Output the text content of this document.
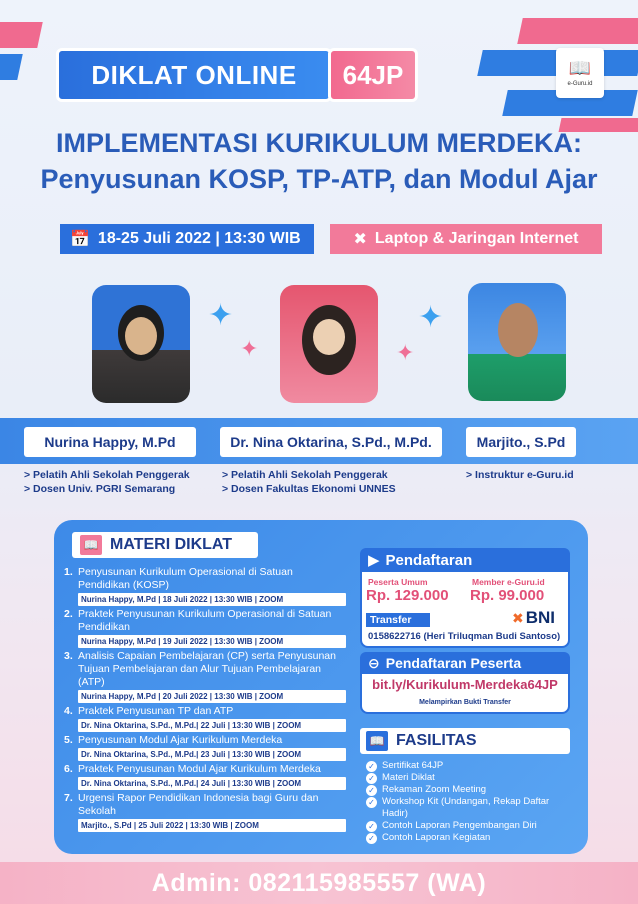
DIKLAT ONLINE	64JP	📖
e-Guru.id
IMPLEMENTASI KURIKULUM MERDEKA:
Penyusunan KOSP, TP-ATP, dan Modul Ajar
📅 18-25 Juli 2022 | 13:30 WIB	✖ Laptop & Jaringan Internet
✦
✦
✦
✦
Nurina Happy, M.Pd	Dr. Nina Oktarina, S.Pd., M.Pd.	Marjito., S.Pd
> Pelatih Ahli Sekolah Penggerak
> Dosen Univ. PGRI Semarang
> Pelatih Ahli Sekolah Penggerak
> Dosen Fakultas Ekonomi UNNES
> Instruktur e-Guru.id
📖 MATERI DIKLAT
1. Penyusunan Kurikulum Operasional di Satuan Pendidikan (KOSP)
Nurina Happy, M.Pd | 18 Juli 2022 | 13:30 WIB | ZOOM
2. Praktek Penyusunan Kurikulum Operasional di Satuan Pendidikan
Nurina Happy, M.Pd | 19 Juli 2022 | 13:30 WIB | ZOOM
3. Analisis Capaian Pembelajaran (CP) serta Penyusunan Tujuan Pembelajaran dan Alur Tujuan Pembelajaran (ATP)
Nurina Happy, M.Pd | 20 Juli 2022 | 13:30 WIB | ZOOM
4. Praktek Penyusunan TP dan ATP
Dr. Nina Oktarina, S.Pd., M.Pd.| 22 Juli | 13:30 WIB | ZOOM
5. Penyusunan Modul Ajar Kurikulum Merdeka
Dr. Nina Oktarina, S.Pd., M.Pd.| 23 Juli | 13:30 WIB | ZOOM
6. Praktek Penyusunan Modul Ajar Kurikulum Merdeka
Dr. Nina Oktarina, S.Pd., M.Pd.| 24 Juli | 13:30 WIB | ZOOM
7. Urgensi Rapor Pendidikan Indonesia bagi Guru dan Sekolah
Marjito., S.Pd | 25 Juli 2022 | 13:30 WIB | ZOOM
▶ Pendaftaran
Peserta Umum
Rp. 129.000
Member e-Guru.id
Rp. 99.000
Transfer	✖ BNI
0158622716 (Heri Triluqman Budi Santoso)
⊖ Pendaftaran Peserta
bit.ly/Kurikulum-Merdeka64JP
Melampirkan Bukti Transfer
📖 FASILITAS
✓ Sertifikat 64JP
✓ Materi Diklat
✓ Rekaman Zoom Meeting
✓ Workshop Kit (Undangan, Rekap Daftar Hadir)
✓ Contoh Laporan Pengembangan Diri
✓ Contoh Laporan Kegiatan
Admin: 082115985557 (WA)
